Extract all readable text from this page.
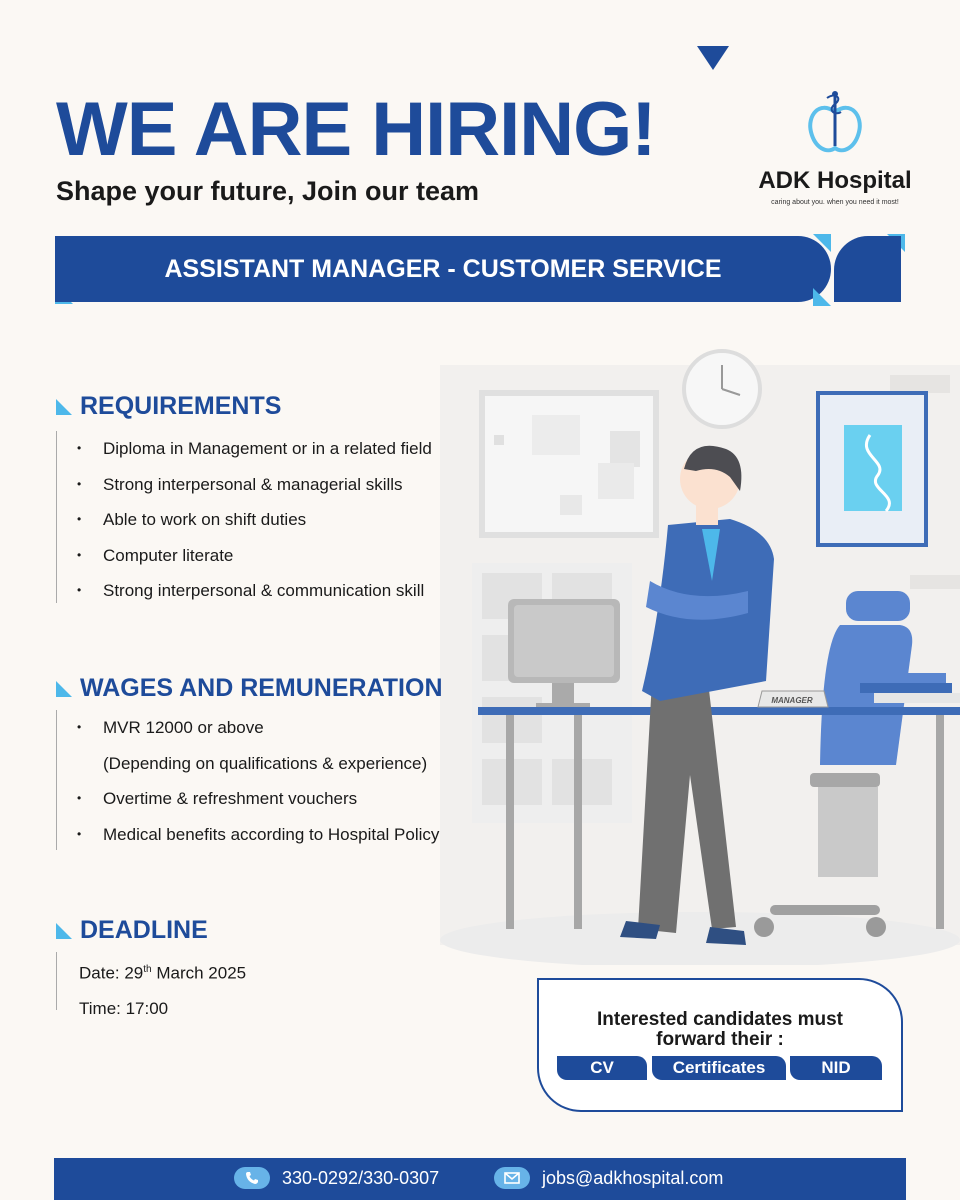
WE ARE HIRING!
Shape your future, Join our team	ADK Hospital
caring about you. when you need it most!
ASSISTANT MANAGER - CUSTOMER SERVICE
MANAGER
REQUIREMENTS
• Diploma in Management or in a related field
• Strong interpersonal & managerial skills
• Able to work on shift duties
• Computer literate
• Strong interpersonal & communication skill
WAGES AND REMUNERATION
• MVR 12000 or above
(Depending on qualifications & experience)
• Overtime & refreshment vouchers
• Medical benefits according to Hospital Policy
DEADLINE
Date: 29th March 2025
Time: 17:00
Interested candidates must
forward their :
CV	Certificates	NID
330-0292/330-0307	jobs@adkhospital.com
